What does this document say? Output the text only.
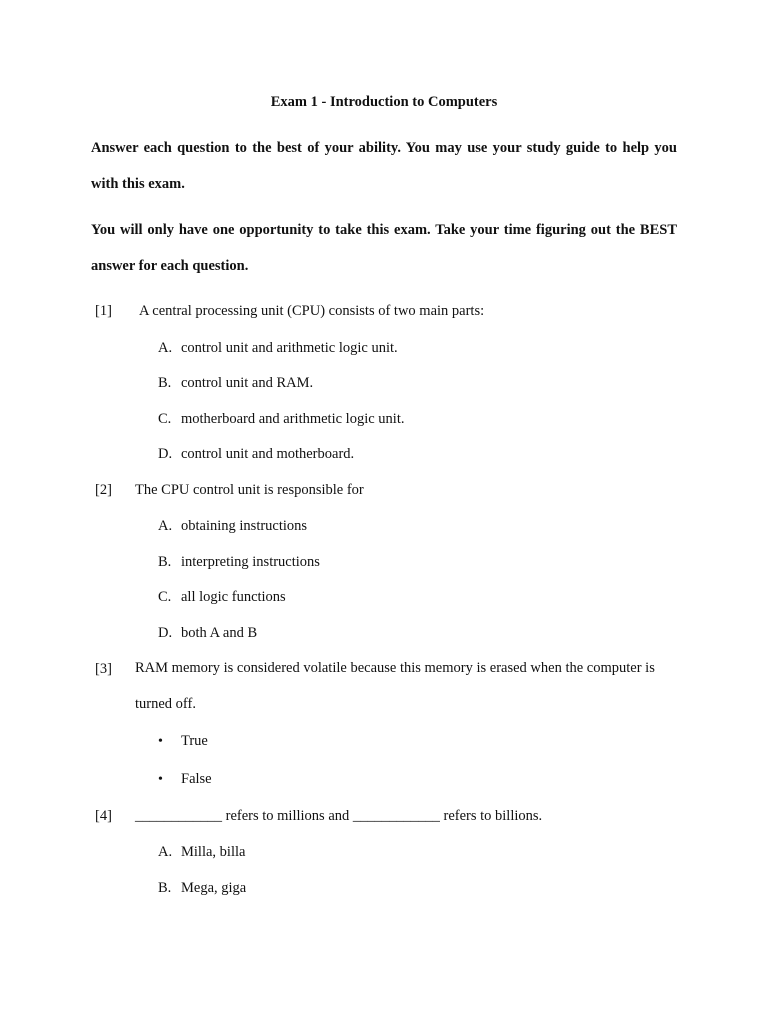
Exam 1 - Introduction to Computers
Answer each question to the best of your ability. You may use your study guide to help you with this exam.
You will only have one opportunity to take this exam. Take your time figuring out the BEST answer for each question.
[1] A central processing unit (CPU) consists of two main parts:
A. control unit and arithmetic logic unit.
B. control unit and RAM.
C. motherboard and arithmetic logic unit.
D. control unit and motherboard.
[2] The CPU control unit is responsible for
A. obtaining instructions
B. interpreting instructions
C. all logic functions
D. both A and B
[3] RAM memory is considered volatile because this memory is erased when the computer is turned off.
• True
• False
[4] ____________ refers to millions and ____________ refers to billions.
A. Milla, billa
B. Mega, giga
